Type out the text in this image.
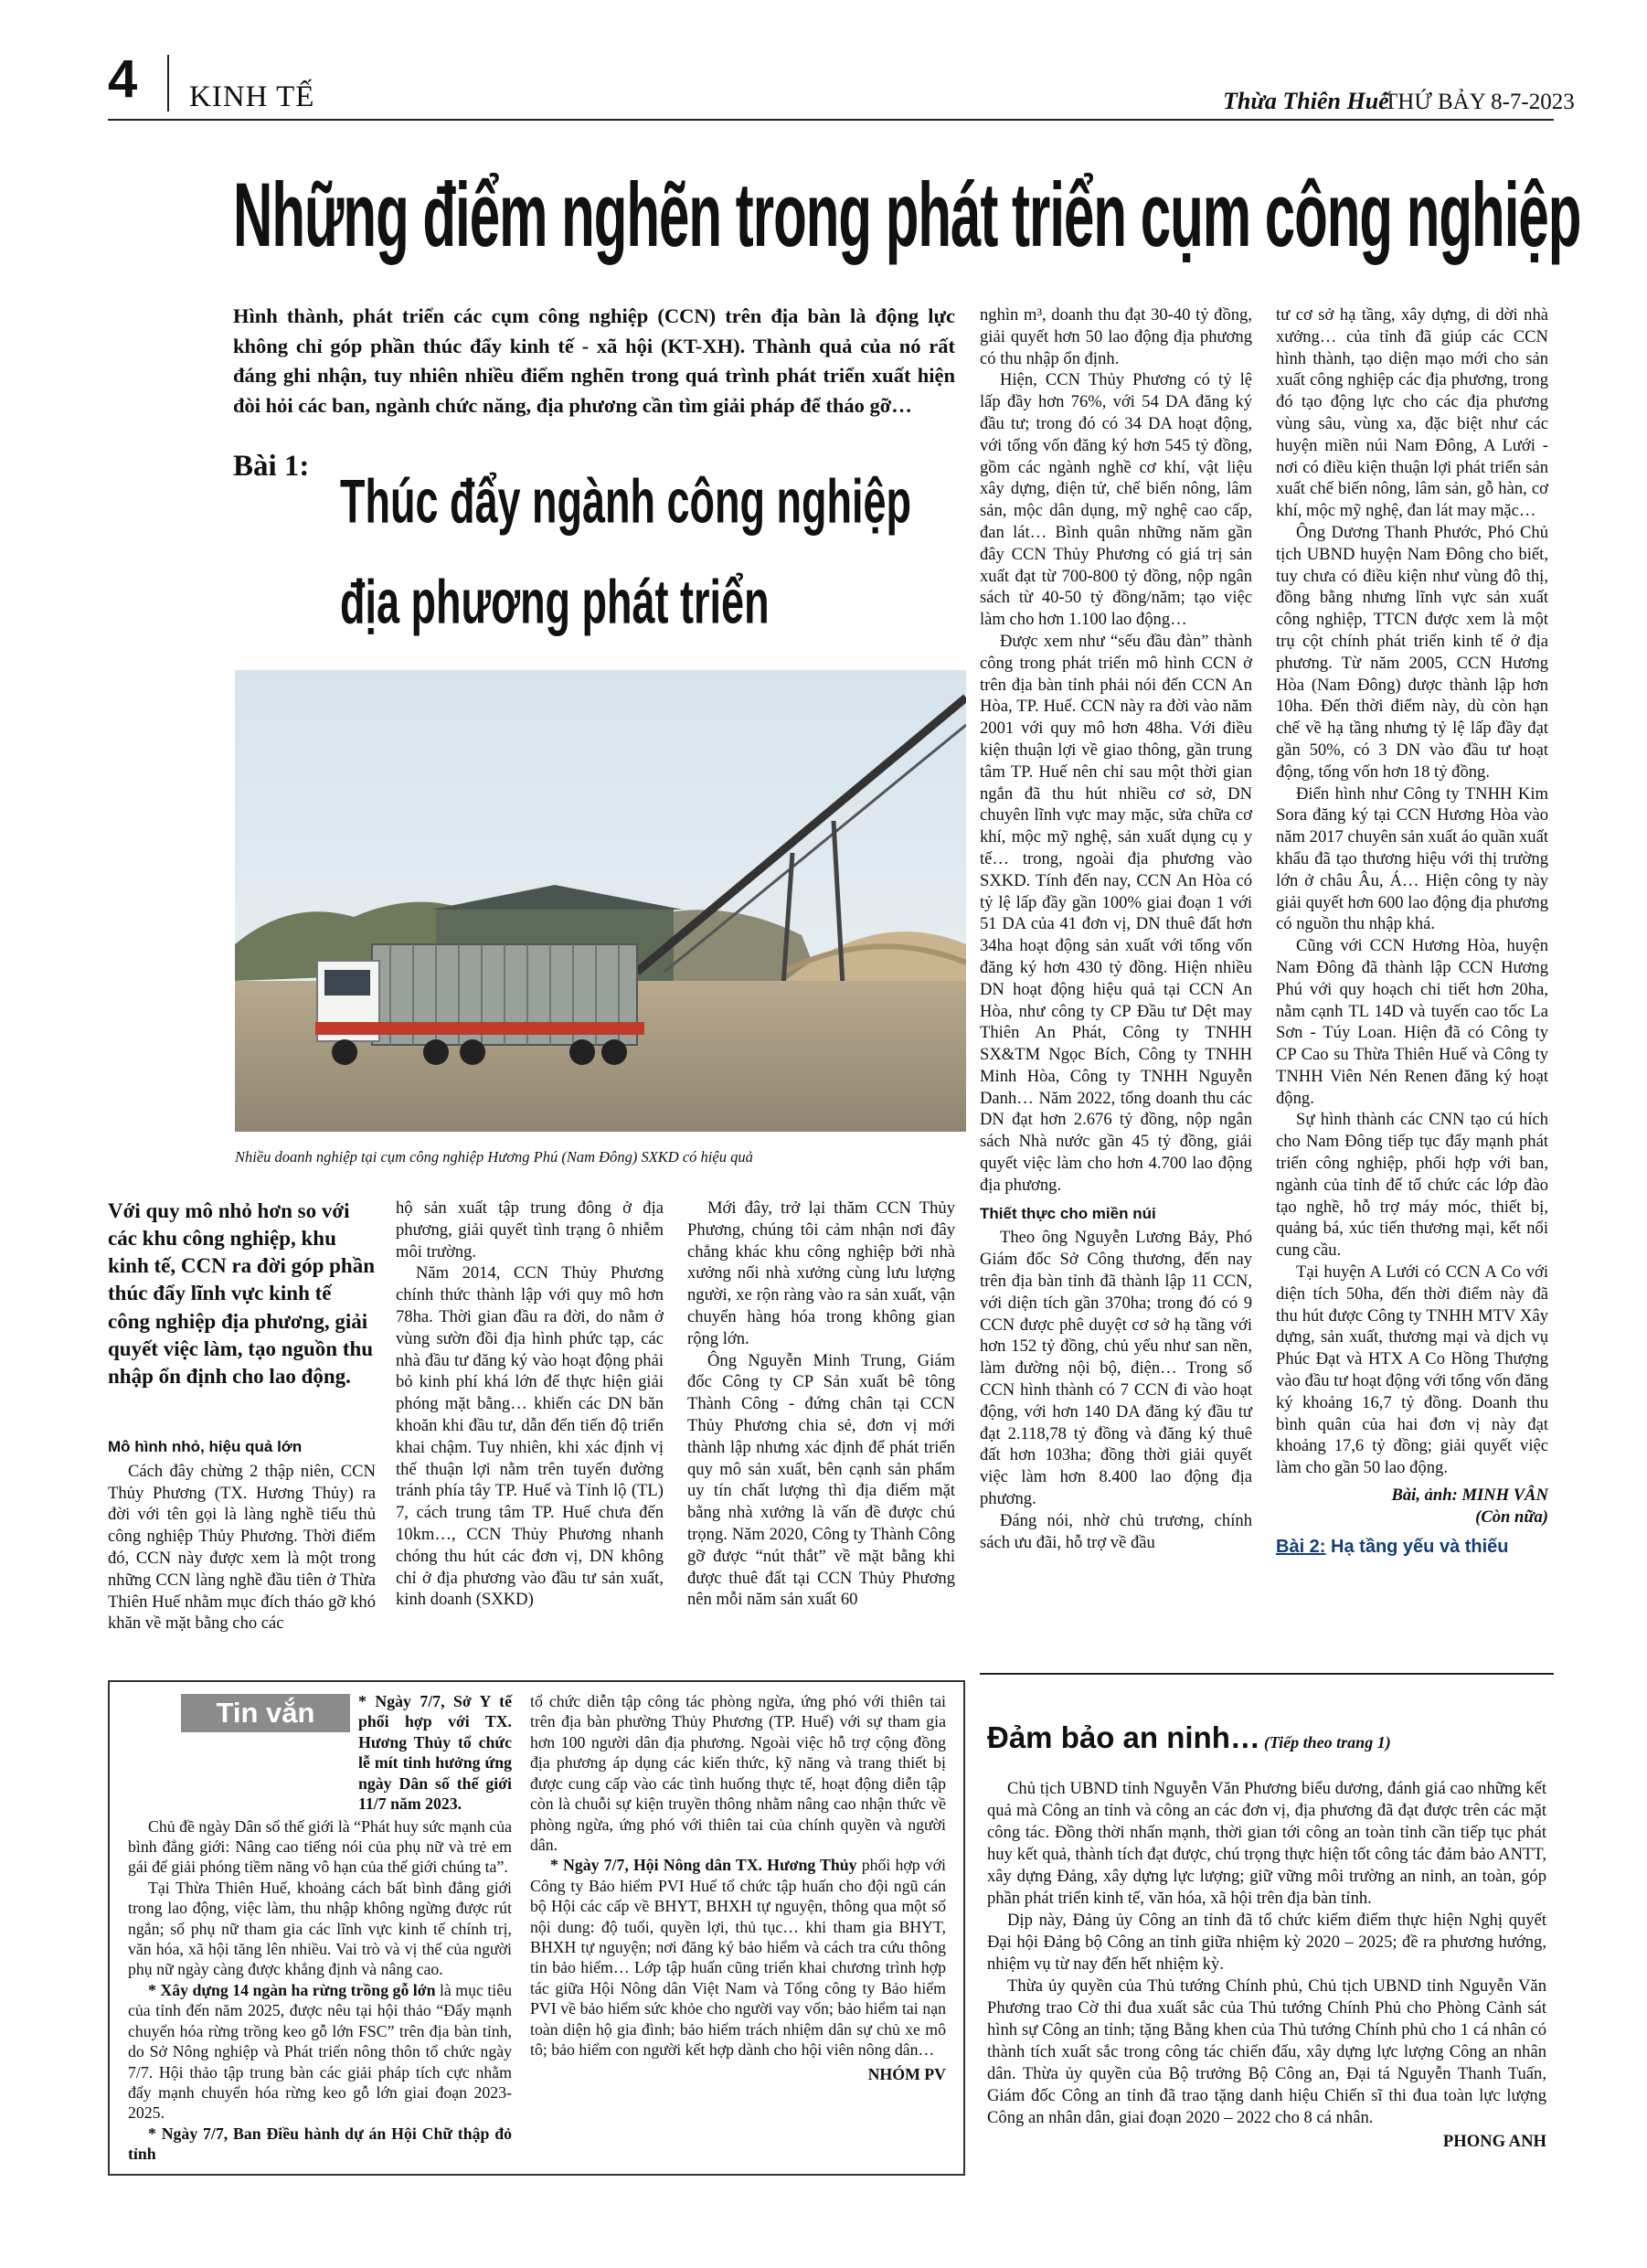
4 KINH TẾ	Thừa Thiên Huế
THỨ BẢY 8-7-2023
Những điểm nghẽn trong phát triển cụm công nghiệp
Hình thành, phát triển các cụm công nghiệp (CCN) trên địa bàn là động lực không chỉ góp phần thúc đẩy kinh tế - xã hội (KT-XH). Thành quả của nó rất đáng ghi nhận, tuy nhiên nhiều điểm nghẽn trong quá trình phát triển xuất hiện đòi hỏi các ban, ngành chức năng, địa phương cần tìm giải pháp để tháo gỡ…
Bài 1: Thúc đẩy ngành công nghiệp
địa phương phát triển
Nhiều doanh nghiệp tại cụm công nghiệp Hương Phú (Nam Đông) SXKD có hiệu quả
Với quy mô nhỏ hơn so với các khu công nghiệp, khu kinh tế, CCN ra đời góp phần thúc đẩy lĩnh vực kinh tế công nghiệp địa phương, giải quyết việc làm, tạo nguồn thu nhập ổn định cho lao động.
Mô hình nhỏ, hiệu quả lớn

Cách đây chừng 2 thập niên, CCN Thủy Phương (TX. Hương Thủy) ra đời với tên gọi là làng nghề tiểu thủ công nghiệp Thủy Phương. Thời điểm đó, CCN này được xem là một trong những CCN làng nghề đầu tiên ở Thừa Thiên Huế nhằm mục đích tháo gỡ khó khăn về mặt bằng cho các

hộ sản xuất tập trung đông ở địa phương, giải quyết tình trạng ô nhiễm môi trường.

Năm 2014, CCN Thủy Phương chính thức thành lập với quy mô hơn 78ha. Thời gian đầu ra đời, do nằm ở vùng sườn đồi địa hình phức tạp, các nhà đầu tư đăng ký vào hoạt động phải bỏ kinh phí khá lớn để thực hiện giải phóng mặt bằng… khiến các DN băn khoăn khi đầu tư, dẫn đến tiến độ triển khai chậm. Tuy nhiên, khi xác định vị thế thuận lợi nằm trên tuyến đường tránh phía tây TP. Huế và Tỉnh lộ (TL) 7, cách trung tâm TP. Huế chưa đến 10km…, CCN Thủy Phương nhanh chóng thu hút các đơn vị, DN không chỉ ở địa phương vào đầu tư sản xuất, kinh doanh (SXKD)

Mới đây, trở lại thăm CCN Thủy Phương, chúng tôi cảm nhận nơi đây chẳng khác khu công nghiệp bởi nhà xưởng nối nhà xưởng cùng lưu lượng người, xe rộn ràng vào ra sản xuất, vận chuyển hàng hóa trong không gian rộng lớn.

Ông Nguyễn Minh Trung, Giám đốc Công ty CP Sản xuất bê tông Thành Công - đứng chân tại CCN Thủy Phương chia sẻ, đơn vị mới thành lập nhưng xác định để phát triển quy mô sản xuất, bên cạnh sản phẩm uy tín chất lượng thì địa điểm mặt bằng nhà xưởng là vấn đề được chú trọng. Năm 2020, Công ty Thành Công gỡ được “nút thắt” về mặt bằng khi được thuê đất tại CCN Thủy Phương nên mỗi năm sản xuất 60

nghìn m³, doanh thu đạt 30-40 tỷ đồng, giải quyết hơn 50 lao động địa phương có thu nhập ổn định.

Hiện, CCN Thủy Phương có tỷ lệ lấp đầy hơn 76%, với 54 DA đăng ký đầu tư; trong đó có 34 DA hoạt động, với tổng vốn đăng ký hơn 545 tỷ đồng, gồm các ngành nghề cơ khí, vật liệu xây dựng, điện tử, chế biến nông, lâm sản, mộc dân dụng, mỹ nghệ cao cấp, đan lát… Bình quân những năm gần đây CCN Thủy Phương có giá trị sản xuất đạt từ 700-800 tỷ đồng, nộp ngân sách từ 40-50 tỷ đồng/năm; tạo việc làm cho hơn 1.100 lao động…

Được xem như “sếu đầu đàn” thành công trong phát triển mô hình CCN ở trên địa bàn tỉnh phải nói đến CCN An Hòa, TP. Huế. CCN này ra đời vào năm 2001 với quy mô hơn 48ha. Với điều kiện thuận lợi về giao thông, gần trung tâm TP. Huế nên chỉ sau một thời gian ngắn đã thu hút nhiều cơ sở, DN chuyên lĩnh vực may mặc, sửa chữa cơ khí, mộc mỹ nghệ, sản xuất dụng cụ y tế… trong, ngoài địa phương vào SXKD. Tính đến nay, CCN An Hòa có tỷ lệ lấp đầy gần 100% giai đoạn 1 với 51 DA của 41 đơn vị, DN thuê đất hơn 34ha hoạt động sản xuất với tổng vốn đăng ký hơn 430 tỷ đồng. Hiện nhiều DN hoạt động hiệu quả tại CCN An Hòa, như công ty CP Đầu tư Dệt may Thiên An Phát, Công ty TNHH SX&TM Ngọc Bích, Công ty TNHH Minh Hòa, Công ty TNHH Nguyễn Danh… Năm 2022, tổng doanh thu các DN đạt hơn 2.676 tỷ đồng, nộp ngân sách Nhà nước gần 45 tỷ đồng, giải quyết việc làm cho hơn 4.700 lao động địa phương.

Thiết thực cho miền núi

Theo ông Nguyễn Lương Bảy, Phó Giám đốc Sở Công thương, đến nay trên địa bàn tỉnh đã thành lập 11 CCN, với diện tích gần 370ha; trong đó có 9 CCN được phê duyệt cơ sở hạ tầng với hơn 152 tỷ đồng, chủ yếu như san nền, làm đường nội bộ, điện… Trong số CCN hình thành có 7 CCN đi vào hoạt động, với hơn 140 DA đăng ký đầu tư đạt 2.118,78 tỷ đồng và đăng ký thuê đất hơn 103ha; đồng thời giải quyết việc làm hơn 8.400 lao động địa phương.

Đáng nói, nhờ chủ trương, chính sách ưu đãi, hỗ trợ về đầu

tư cơ sở hạ tầng, xây dựng, di dời nhà xưởng… của tỉnh đã giúp các CCN hình thành, tạo diện mạo mới cho sản xuất công nghiệp các địa phương, trong đó tạo động lực cho các địa phương vùng sâu, vùng xa, đặc biệt như các huyện miền núi Nam Đông, A Lưới - nơi có điều kiện thuận lợi phát triển sản xuất chế biến nông, lâm sản, gỗ hàn, cơ khí, mộc mỹ nghệ, đan lát may mặc…

Ông Dương Thanh Phước, Phó Chủ tịch UBND huyện Nam Đông cho biết, tuy chưa có điều kiện như vùng đô thị, đồng bằng nhưng lĩnh vực sản xuất công nghiệp, TTCN được xem là một trụ cột chính phát triển kinh tế ở địa phương. Từ năm 2005, CCN Hương Hòa (Nam Đông) được thành lập hơn 10ha. Đến thời điểm này, dù còn hạn chế về hạ tầng nhưng tỷ lệ lấp đầy đạt gần 50%, có 3 DN vào đầu tư hoạt động, tổng vốn hơn 18 tỷ đồng.

Điển hình như Công ty TNHH Kim Sora đăng ký tại CCN Hương Hòa vào năm 2017 chuyên sản xuất áo quần xuất khẩu đã tạo thương hiệu với thị trường lớn ở châu Âu, Á… Hiện công ty này giải quyết hơn 600 lao động địa phương có nguồn thu nhập khá.

Cũng với CCN Hương Hòa, huyện Nam Đông đã thành lập CCN Hương Phú với quy hoạch chi tiết hơn 20ha, nằm cạnh TL 14D và tuyến cao tốc La Sơn - Túy Loan. Hiện đã có Công ty CP Cao su Thừa Thiên Huế và Công ty TNHH Viên Nén Renen đăng ký hoạt động.

Sự hình thành các CNN tạo cú hích cho Nam Đông tiếp tục đẩy mạnh phát triển công nghiệp, phối hợp với ban, ngành của tỉnh để tổ chức các lớp đào tạo nghề, hỗ trợ máy móc, thiết bị, quảng bá, xúc tiến thương mại, kết nối cung cầu.

Tại huyện A Lưới có CCN A Co với diện tích 50ha, đến thời điểm này đã thu hút được Công ty TNHH MTV Xây dựng, sản xuất, thương mại và dịch vụ Phúc Đạt và HTX A Co Hồng Thượng vào đầu tư hoạt động với tổng vốn đăng ký khoảng 16,7 tỷ đồng. Doanh thu bình quân của hai đơn vị này đạt khoảng 17,6 tỷ đồng; giải quyết việc làm cho gần 50 lao động.

Bài, ảnh: MINH VÂN
(Còn nữa)
Bài 2: Hạ tầng yếu và thiếu
Tin vắn	* Ngày 7/7, Sở Y tế phối hợp với TX. Hương Thủy tổ chức lễ mít tinh hưởng ứng ngày Dân số thế giới 11/7 năm 2023.

Chủ đề ngày Dân số thế giới là “Phát huy sức mạnh của bình đẳng giới: Nâng cao tiếng nói của phụ nữ và trẻ em gái để giải phóng tiềm năng vô hạn của thế giới chúng ta”.

Tại Thừa Thiên Huế, khoảng cách bất bình đẳng giới trong lao động, việc làm, thu nhập không ngừng được rút ngắn; số phụ nữ tham gia các lĩnh vực kinh tế chính trị, văn hóa, xã hội tăng lên nhiều. Vai trò và vị thế của người phụ nữ ngày càng được khẳng định và nâng cao.

* Xây dựng 14 ngàn ha rừng trồng gỗ lớn là mục tiêu của tỉnh đến năm 2025, được nêu tại hội thảo “Đẩy mạnh chuyển hóa rừng trồng keo gỗ lớn FSC” trên địa bàn tỉnh, do Sở Nông nghiệp và Phát triển nông thôn tổ chức ngày 7/7. Hội thảo tập trung bàn các giải pháp tích cực nhằm đẩy mạnh chuyển hóa rừng keo gỗ lớn giai đoạn 2023-2025.

* Ngày 7/7, Ban Điều hành dự án Hội Chữ thập đỏ tỉnh

tổ chức diễn tập công tác phòng ngừa, ứng phó với thiên tai trên địa bàn phường Thủy Phương (TP. Huế) với sự tham gia hơn 100 người dân địa phương. Ngoài việc hỗ trợ cộng đồng địa phương áp dụng các kiến thức, kỹ năng và trang thiết bị được cung cấp vào các tình huống thực tế, hoạt động diễn tập còn là chuỗi sự kiện truyền thông nhằm nâng cao nhận thức về phòng ngừa, ứng phó với thiên tai của chính quyền và người dân.

* Ngày 7/7, Hội Nông dân TX. Hương Thủy phối hợp với Công ty Bảo hiểm PVI Huế tổ chức tập huấn cho đội ngũ cán bộ Hội các cấp về BHYT, BHXH tự nguyện, thông qua một số nội dung: độ tuổi, quyền lợi, thủ tục… khi tham gia BHYT, BHXH tự nguyện; nơi đăng ký bảo hiểm và cách tra cứu thông tin bảo hiểm… Lớp tập huấn cũng triển khai chương trình hợp tác giữa Hội Nông dân Việt Nam và Tổng công ty Bảo hiểm PVI về bảo hiểm sức khỏe cho người vay vốn; bảo hiểm tai nạn toàn diện hộ gia đình; bảo hiểm trách nhiệm dân sự chủ xe mô tô; bảo hiểm con người kết hợp dành cho hội viên nông dân…

NHÓM PV
Đảm bảo an ninh… (Tiếp theo trang 1)

Chủ tịch UBND tỉnh Nguyễn Văn Phương biểu dương, đánh giá cao những kết quả mà Công an tỉnh và công an các đơn vị, địa phương đã đạt được trên các mặt công tác. Đồng thời nhấn mạnh, thời gian tới công an toàn tỉnh cần tiếp tục phát huy kết quả, thành tích đạt được, chú trọng thực hiện tốt công tác đảm bảo ANTT, xây dựng Đảng, xây dựng lực lượng; giữ vững môi trường an ninh, an toàn, góp phần phát triển kinh tế, văn hóa, xã hội trên địa bàn tỉnh.

Dịp này, Đảng ủy Công an tỉnh đã tổ chức kiểm điểm thực hiện Nghị quyết Đại hội Đảng bộ Công an tỉnh giữa nhiệm kỳ 2020 – 2025; đề ra phương hướng, nhiệm vụ từ nay đến hết nhiệm kỳ.

Thừa ủy quyền của Thủ tướng Chính phủ, Chủ tịch UBND tỉnh Nguyễn Văn Phương trao Cờ thi đua xuất sắc của Thủ tướng Chính Phủ cho Phòng Cảnh sát hình sự Công an tỉnh; tặng Bằng khen của Thủ tướng Chính phủ cho 1 cá nhân có thành tích xuất sắc trong công tác chiến đấu, xây dựng lực lượng Công an nhân dân. Thừa ủy quyền của Bộ trưởng Bộ Công an, Đại tá Nguyễn Thanh Tuấn, Giám đốc Công an tỉnh đã trao tặng danh hiệu Chiến sĩ thi đua toàn lực lượng Công an nhân dân, giai đoạn 2020 – 2022 cho 8 cá nhân.

PHONG ANH
